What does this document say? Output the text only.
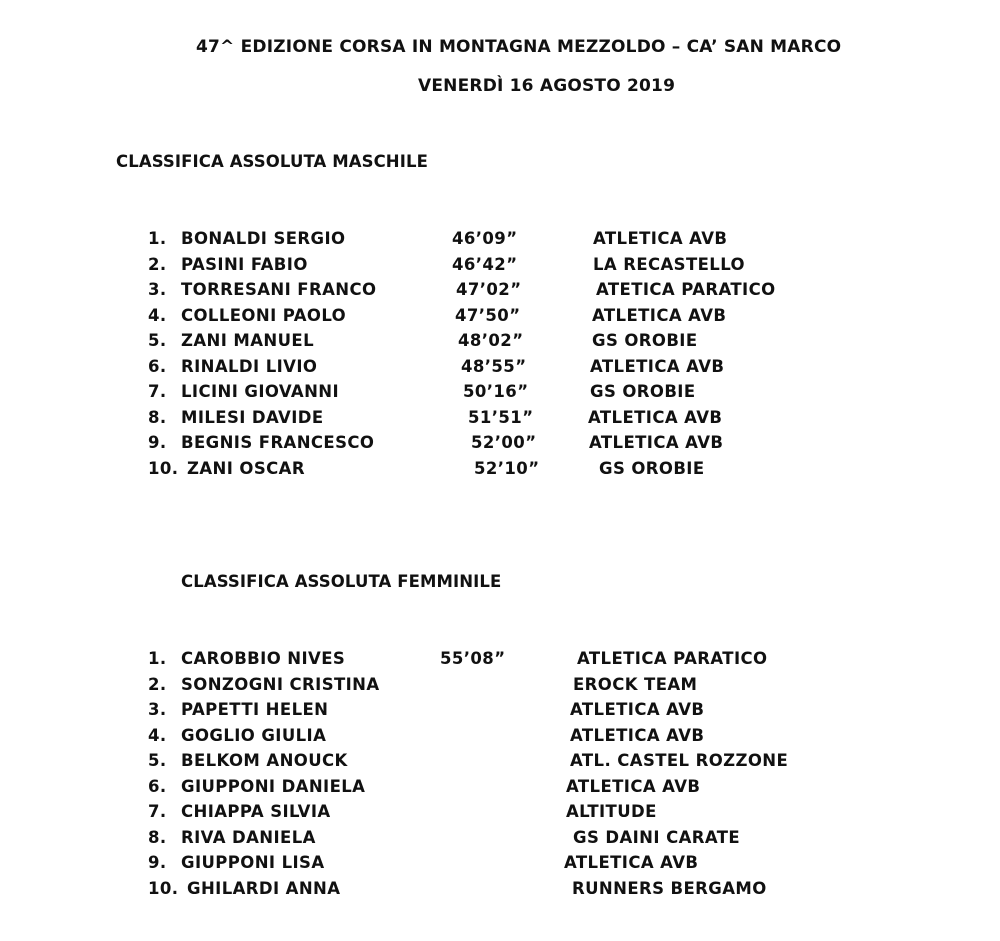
47^ EDIZIONE CORSA IN MONTAGNA MEZZOLDO – CA’ SAN MARCO
VENERDÌ 16 AGOSTO 2019
CLASSIFICA ASSOLUTA MASCHILE
1. BONALDI SERGIO	46’09”	ATLETICA AVB
2. PASINI FABIO	46’42”	LA RECASTELLO
3. TORRESANI FRANCO	47’02”	ATETICA PARATICO
4. COLLEONI PAOLO	47’50”	ATLETICA AVB
5. ZANI MANUEL	48’02”	GS OROBIE
6. RINALDI LIVIO	48’55”	ATLETICA AVB
7. LICINI GIOVANNI	50’16”	GS OROBIE
8. MILESI DAVIDE	51’51”	ATLETICA AVB
9. BEGNIS FRANCESCO	52’00”	ATLETICA AVB
10. ZANI OSCAR	52’10”	GS OROBIE
CLASSIFICA ASSOLUTA FEMMINILE
1. CAROBBIO NIVES	55’08”	ATLETICA PARATICO
2. SONZOGNI CRISTINA	EROCK TEAM
3. PAPETTI HELEN	ATLETICA AVB
4. GOGLIO GIULIA	ATLETICA AVB
5. BELKOM ANOUCK	ATL. CASTEL ROZZONE
6. GIUPPONI DANIELA	ATLETICA AVB
7. CHIAPPA SILVIA	ALTITUDE
8. RIVA DANIELA	GS DAINI CARATE
9. GIUPPONI LISA	ATLETICA AVB
10. GHILARDI ANNA	RUNNERS BERGAMO
